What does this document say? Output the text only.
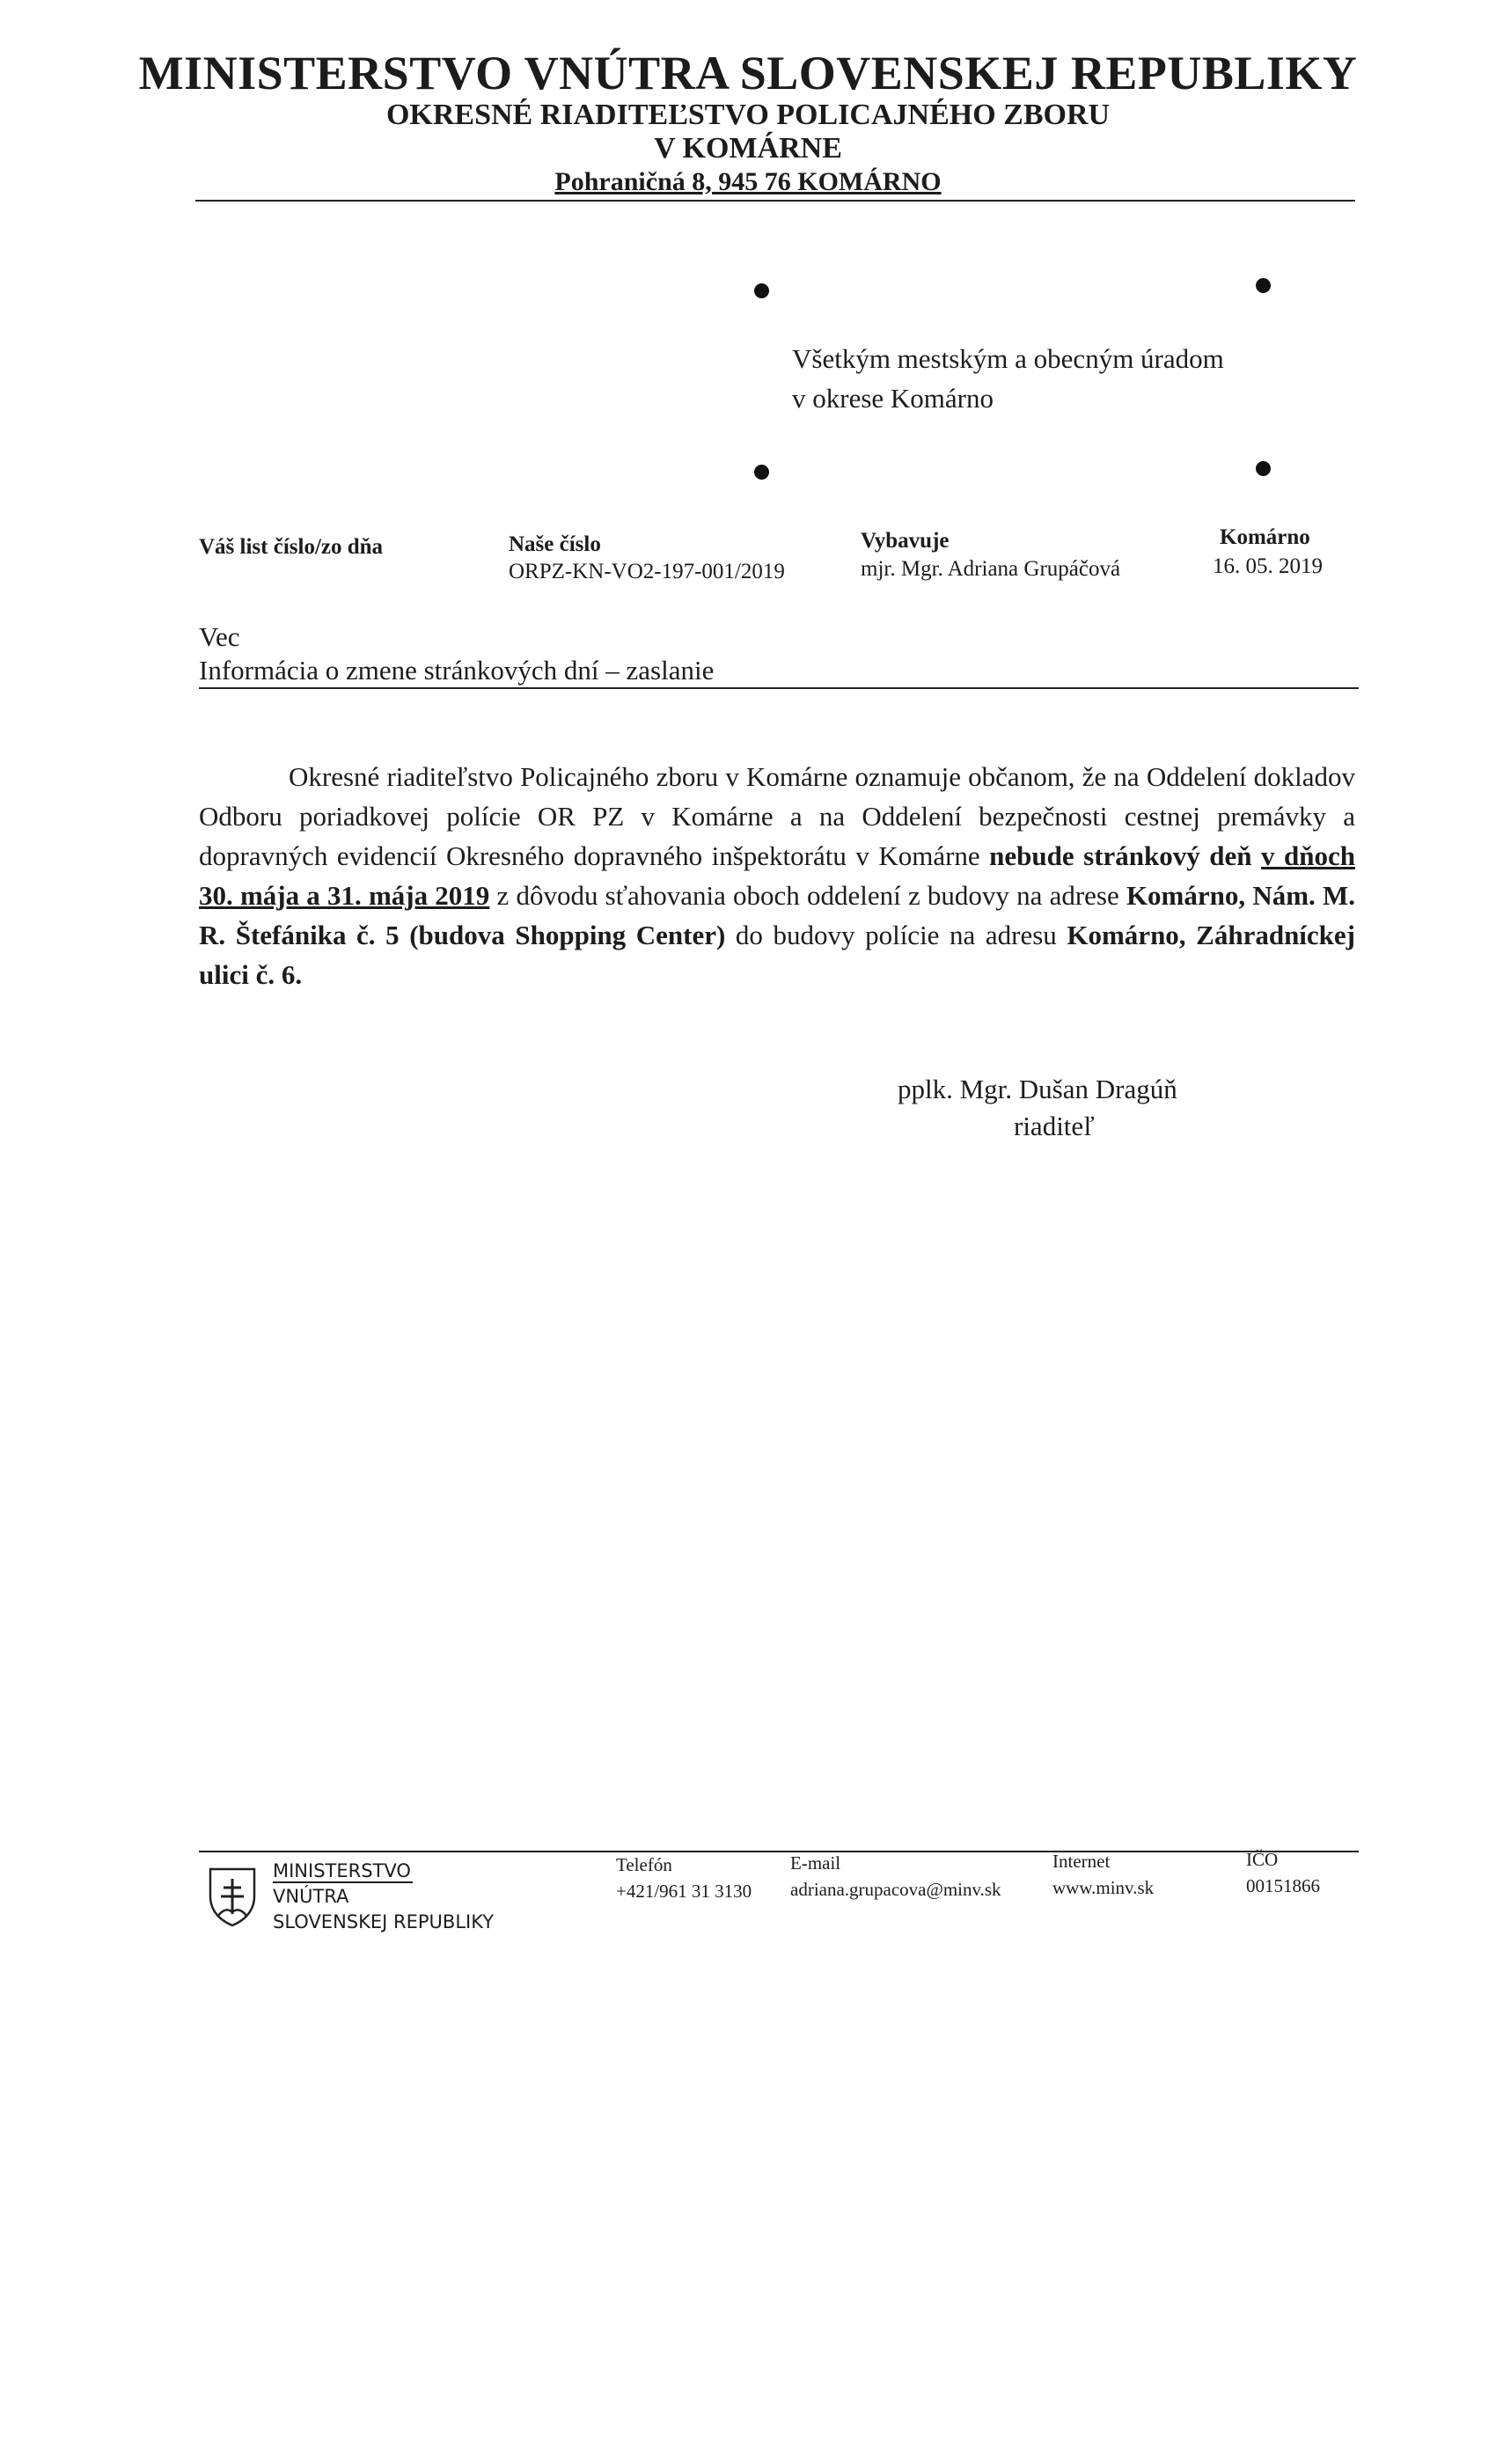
MINISTERSTVO VNÚTRA SLOVENSKEJ REPUBLIKY
OKRESNÉ RIADITEĽSTVO POLICAJNÉHO ZBORU
V KOMÁRNE
Pohraničná 8, 945 76 KOMÁRNO
Všetkým mestským a obecným úradom
v okrese Komárno
Váš list číslo/zo dňa	Naše číslo
ORPZ-KN-VO2-197-001/2019
Vybavuje
mjr. Mgr. Adriana Grupáčová
Komárno
16. 05. 2019
Vec
Informácia o zmene stránkových dní – zaslanie
Okresné riaditeľstvo Policajného zboru v Komárne oznamuje občanom, že na Oddelení dokladov Odboru poriadkovej polície OR PZ v Komárne a na Oddelení bezpečnosti cestnej premávky a dopravných evidencií Okresného dopravného inšpektorátu v Komárne nebude stránkový deň v dňoch 30. mája a 31. mája 2019 z dôvodu sťahovania oboch oddelení z budovy na adrese Komárno, Nám. M. R. Štefánika č. 5 (budova Shopping Center) do budovy polície na adresu Komárno, Záhradníckej ulici č. 6.
pplk. Mgr. Dušan Dragúň
riaditeľ
MINISTERSTVO
VNÚTRA
SLOVENSKEJ REPUBLIKY
Telefón
+421/961 31 3130
E-mail
adriana.grupacova@minv.sk
Internet
www.minv.sk
IČO
00151866
